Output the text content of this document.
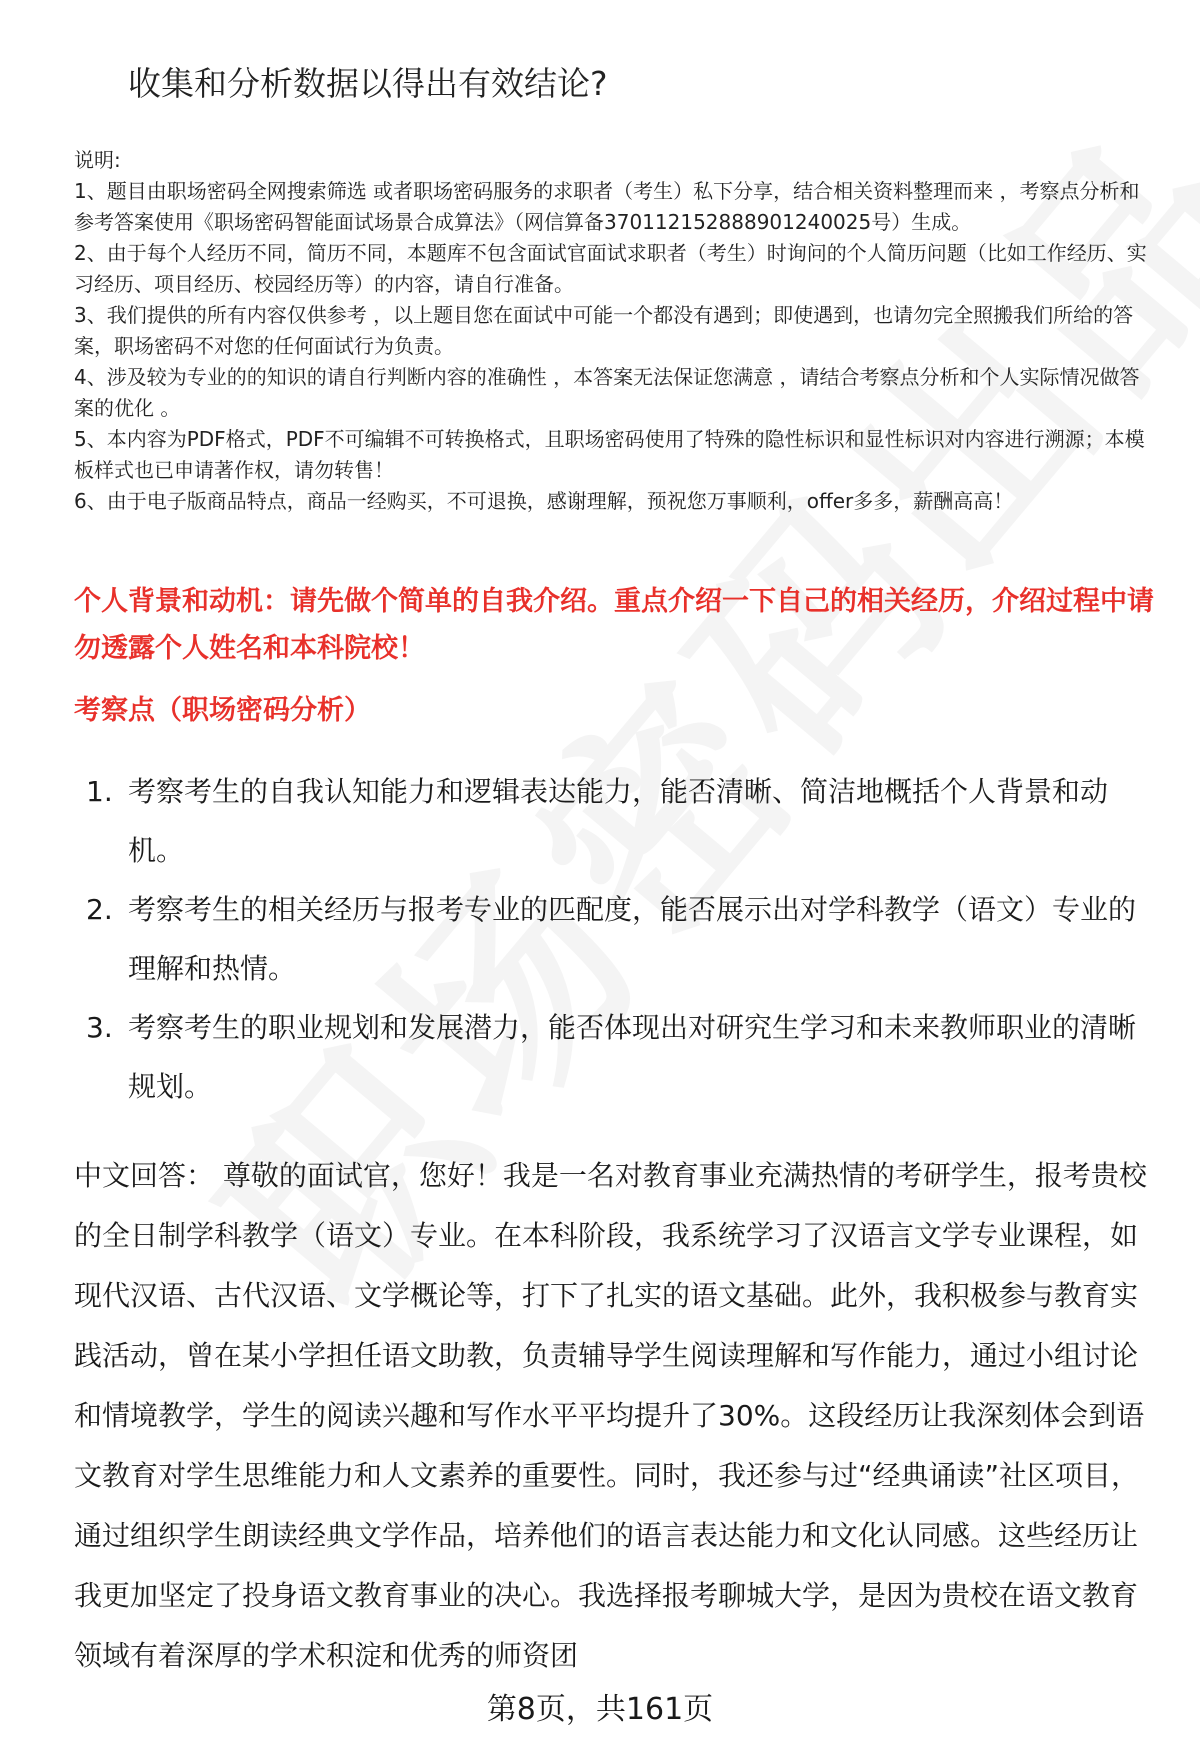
收集和分析数据以得出有效结论?

说明:

1、题目由职场密码全网搜索筛选 或者职场密码服务的求职者（考生）私下分享，结合相关资料整理而来 ，考察点分析和参考答案使用《职场密码智能面试场景合成算法》（网信算备370112152888901240025号）生成。

2、由于每个人经历不同，简历不同，本题库不包含面试官面试求职者（考生）时询问的个人简历问题（比如工作经历、实习经历、项目经历、校园经历等）的内容，请自行准备。

3、我们提供的所有内容仅供参考 ，以上题目您在面试中可能一个都没有遇到；即使遇到，也请勿完全照搬我们所给的答案，职场密码不对您的任何面试行为负责。

4、涉及较为专业的的知识的请自行判断内容的准确性 ，本答案无法保证您满意 ，请结合考察点分析和个人实际情况做答案的优化 。

5、本内容为PDF格式，PDF不可编辑不可转换格式，且职场密码使用了特殊的隐性标识和显性标识对内容进行溯源；本模板样式也已申请著作权，请勿转售！

6、由于电子版商品特点，商品一经购买，不可退换，感谢理解，预祝您万事顺利，offer多多，薪酬高高！

个人背景和动机：请先做个简单的自我介绍。重点介绍一下自己的相关经历，介绍过程中请勿透露个人姓名和本科院校！

考察点（职场密码分析）
1. 考察考生的自我认知能力和逻辑表达能力，能否清晰、简洁地概括个人背景和动机。
2. 考察考生的相关经历与报考专业的匹配度，能否展示出对学科教学（语文）专业的理解和热情。
3. 考察考生的职业规划和发展潜力，能否体现出对研究生学习和未来教师职业的清晰规划。

中文回答： 尊敬的面试官，您好！我是一名对教育事业充满热情的考研学生，报考贵校的全日制学科教学（语文）专业。在本科阶段，我系统学习了汉语言文学专业课程，如现代汉语、古代汉语、文学概论等，打下了扎实的语文基础。此外，我积极参与教育实践活动，曾在某小学担任语文助教，负责辅导学生阅读理解和写作能力，通过小组讨论和情境教学，学生的阅读兴趣和写作水平平均提升了30%。这段经历让我深刻体会到语文教育对学生思维能力和人文素养的重要性。同时，我还参与过“经典诵读”社区项目，通过组织学生朗读经典文学作品，培养他们的语言表达能力和文化认同感。这些经历让我更加坚定了投身语文教育事业的决心。我选择报考聊城大学，是因为贵校在语文教育领域有着深厚的学术积淀和优秀的师资团

第8页，共161页
